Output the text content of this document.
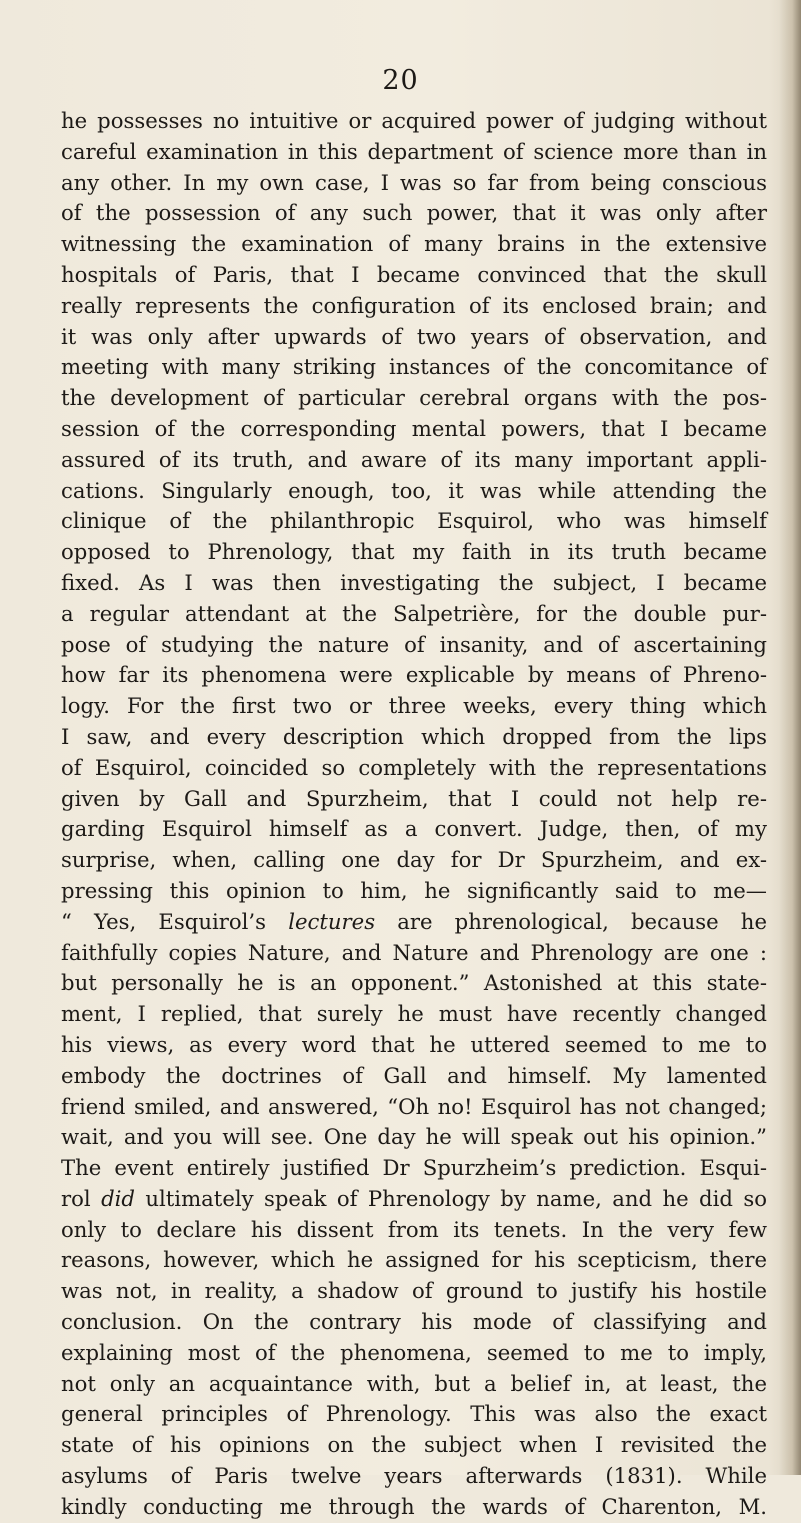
20
he possesses no intuitive or acquired power of judging without
careful examination in this department of science more than in
any other. In my own case, I was so far from being conscious
of the possession of any such power, that it was only after
witnessing the examination of many brains in the extensive
hospitals of Paris, that I became convinced that the skull
really represents the configuration of its enclosed brain; and
it was only after upwards of two years of observation, and
meeting with many striking instances of the concomitance of
the development of particular cerebral organs with the pos-
session of the corresponding mental powers, that I became
assured of its truth, and aware of its many important appli-
cations. Singularly enough, too, it was while attending the
clinique of the philanthropic Esquirol, who was himself
opposed to Phrenology, that my faith in its truth became
fixed. As I was then investigating the subject, I became
a regular attendant at the Salpetrière, for the double pur-
pose of studying the nature of insanity, and of ascertaining
how far its phenomena were explicable by means of Phreno-
logy. For the first two or three weeks, every thing which
I saw, and every description which dropped from the lips
of Esquirol, coincided so completely with the representations
given by Gall and Spurzheim, that I could not help re-
garding Esquirol himself as a convert. Judge, then, of my
surprise, when, calling one day for Dr Spurzheim, and ex-
pressing this opinion to him, he significantly said to me—
“ Yes, Esquirol’s lectures are phrenological, because he
faithfully copies Nature, and Nature and Phrenology are one :
but personally he is an opponent.” Astonished at this state-
ment, I replied, that surely he must have recently changed
his views, as every word that he uttered seemed to me to
embody the doctrines of Gall and himself. My lamented
friend smiled, and answered, “Oh no! Esquirol has not changed;
wait, and you will see. One day he will speak out his opinion.”
The event entirely justified Dr Spurzheim’s prediction. Esqui-
rol did ultimately speak of Phrenology by name, and he did so
only to declare his dissent from its tenets. In the very few
reasons, however, which he assigned for his scepticism, there
was not, in reality, a shadow of ground to justify his hostile
conclusion. On the contrary his mode of classifying and
explaining most of the phenomena, seemed to me to imply,
not only an acquaintance with, but a belief in, at least, the
general principles of Phrenology. This was also the exact
state of his opinions on the subject when I revisited the
asylums of Paris twelve years afterwards (1831). While
kindly conducting me through the wards of Charenton, M.
